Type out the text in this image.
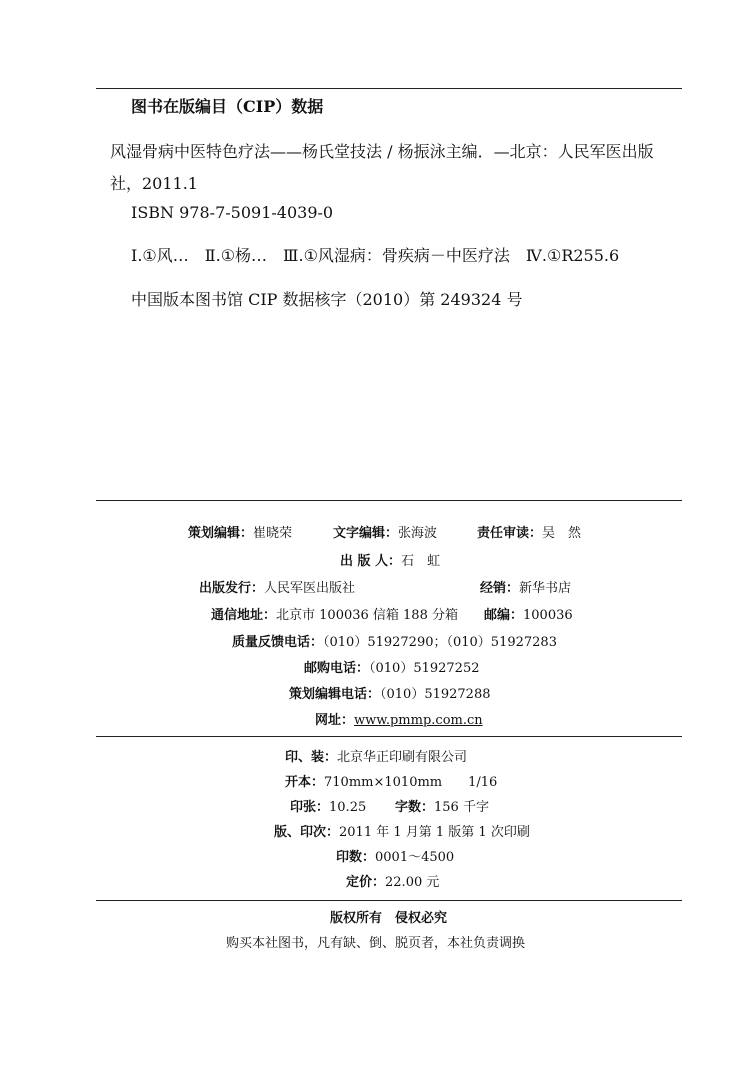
图书在版编目（CIP）数据
风湿骨病中医特色疗法——杨氏堂技法 / 杨振泳主编．—北京：人民军医出版社，2011.1
ISBN 978-7-5091-4039-0
Ⅰ.①风…　Ⅱ.①杨…　Ⅲ.①风湿病：骨疾病－中医疗法　Ⅳ.①R255.6
中国版本图书馆 CIP 数据核字（2010）第 249324 号
策划编辑：崔晓荣	文字编辑：张海波	责任审读：吴　然
出 版 人：石　虹
出版发行：人民军医出版社	经销：新华书店
通信地址：北京市 100036 信箱 188 分箱 邮编：100036
质量反馈电话：（010）51927290；（010）51927283
邮购电话：（010）51927252
策划编辑电话：（010）51927288
网址：www.pmmp.com.cn
印、装：北京华正印刷有限公司
开本：710mm×1010mm　　1/16
印张：10.25 字数：156 千字
版、印次：2011 年 1 月第 1 版第 1 次印刷
印数：0001～4500
定价：22.00 元
版权所有　侵权必究
购买本社图书，凡有缺、倒、脱页者，本社负责调换
